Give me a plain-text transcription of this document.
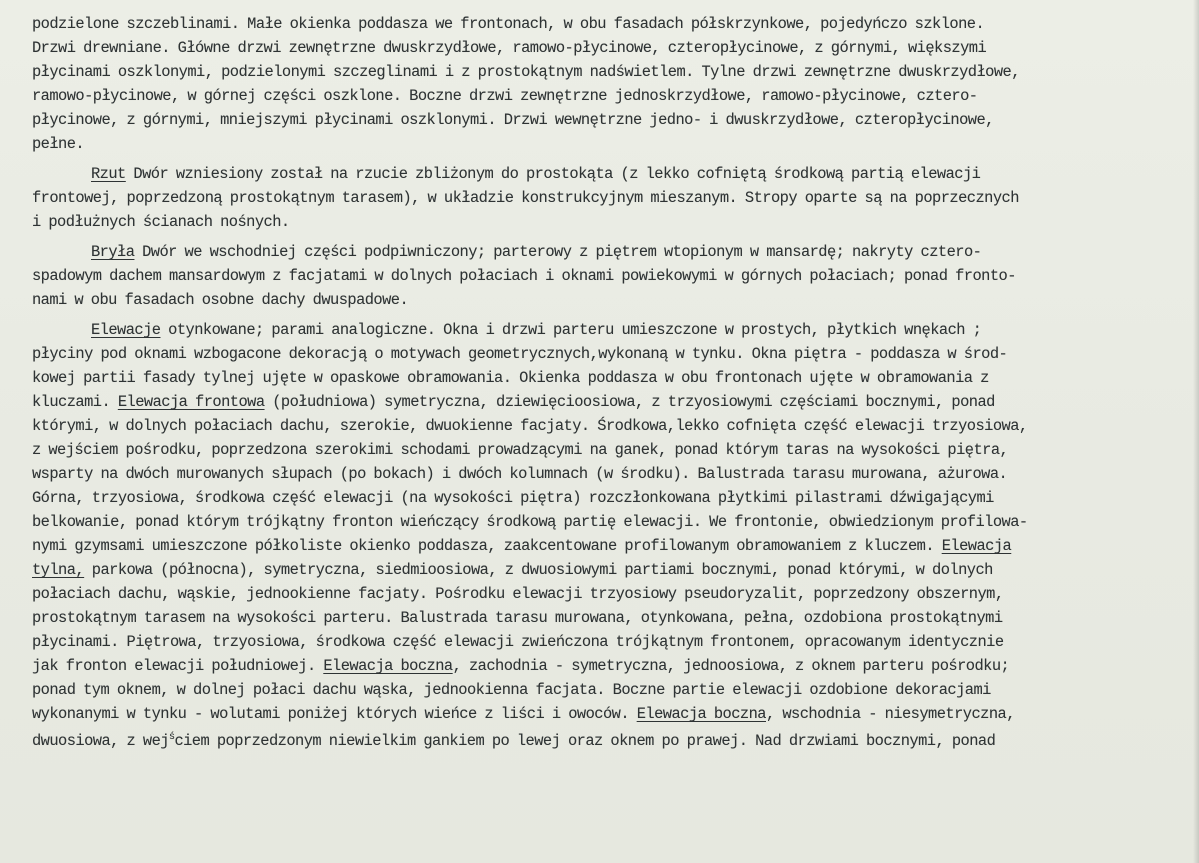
podzielone szczeblinami. Małe okienka poddasza we frontonach, w obu fasadach półskrzynkowe, pojedyńczo szklone.
Drzwi drewniane. Główne drzwi zewnętrzne dwuskrzydłowe, ramowo-płycinowe, czteropłycinowe, z górnymi, większymi
płycinami oszklonymi, podzielonymi szczeglinami i z prostokątnym nadświetlem. Tylne drzwi zewnętrzne dwuskrzydłowe,
ramowo-płycinowe, w górnej części oszklone. Boczne drzwi zewnętrzne jednoskrzydłowe, ramowo-płycinowe, cztero-
płycinowe, z górnymi, mniejszymi płycinami oszklonymi. Drzwi wewnętrzne jedno- i dwuskrzydłowe, czteropłycinowe,
pełne.
Rzut Dwór wzniesiony został na rzucie zbliżonym do prostokąta (z lekko cofniętą środkową partią elewacji
frontowej, poprzedzoną prostokątnym tarasem), w układzie konstrukcyjnym mieszanym. Stropy oparte są na poprzecznych
i podłużnych ścianach nośnych.
Bryła Dwór we wschodniej części podpiwniczony; parterowy z piętrem wtopionym w mansardę; nakryty cztero-
spadowym dachem mansardowym z facjatami w dolnych połaciach i oknami powiekowymi w górnych połaciach; ponad fronto-
nami w obu fasadach osobne dachy dwuspadowe.
Elewacje otynkowane; parami analogiczne. Okna i drzwi parteru umieszczone w prostych, płytkich wnękach ;
płyciny pod oknami wzbogacone dekoracją o motywach geometrycznych,wykonaną w tynku. Okna piętra - poddasza w środ-
kowej partii fasady tylnej ujęte w opaskowe obramowania. Okienka poddasza w obu frontonach ujęte w obramowania z
kluczami. Elewacja frontowa (południowa) symetryczna, dziewięcioosiowa, z trzyosiowymi częściami bocznymi, ponad
którymi, w dolnych połaciach dachu, szerokie, dwuokienne facjaty. Środkowa,lekko cofnięta część elewacji trzyosiowa,
z wejściem pośrodku, poprzedzona szerokimi schodami prowadzącymi na ganek, ponad którym taras na wysokości piętra,
wsparty na dwóch murowanych słupach (po bokach) i dwóch kolumnach (w środku). Balustrada tarasu murowana, ażurowa.
Górna, trzyosiowa, środkowa część elewacji (na wysokości piętra) rozczłonkowana płytkimi pilastrami dźwigającymi
belkowanie, ponad którym trójkątny fronton wieńczący środkową partię elewacji. We frontonie, obwiedzionym profilowa-
nymi gzymsami umieszczone półkoliste okienko poddasza, zaakcentowane profilowanym obramowaniem z kluczem. Elewacja
tylna, parkowa (północna), symetryczna, siedmioosiowa, z dwuosiowymi partiami bocznymi, ponad którymi, w dolnych
połaciach dachu, wąskie, jednookienne facjaty. Pośrodku elewacji trzyosiowy pseudoryzalit, poprzedzony obszernym,
prostokątnym tarasem na wysokości parteru. Balustrada tarasu murowana, otynkowana, pełna, ozdobiona prostokątnymi
płycinami. Piętrowa, trzyosiowa, środkowa część elewacji zwieńczona trójkątnym frontonem, opracowanym identycznie
jak fronton elewacji południowej. Elewacja boczna, zachodnia - symetryczna, jednoosiowa, z oknem parteru pośrodku;
ponad tym oknem, w dolnej połaci dachu wąska, jednookienna facjata. Boczne partie elewacji ozdobione dekoracjami
wykonanymi w tynku - wolutami poniżej których wieńce z liści i owoców. Elewacja boczna, wschodnia - niesymetryczna,
dwuosiowa, z wej$^ś$ciem poprzedzonym niewielkim gankiem po lewej oraz oknem po prawej. Nad drzwiami bocznymi, ponad
